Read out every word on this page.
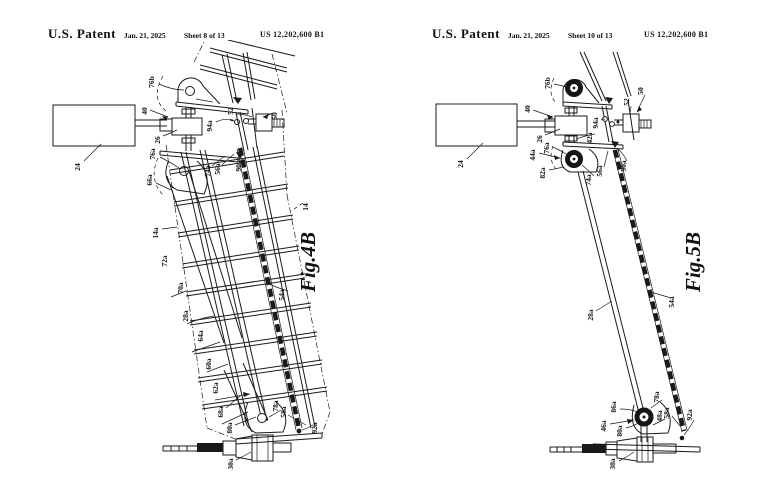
U.S. Patent Jan. 21, 2025 Sheet 8 of 13	US 12,202,600 B1
76b
40
26
24
94a
52
50
76a
66a
74a 56a 90a
14
14a
72a
70a
28a
64a
60a
62a
68a
54a
78a
58a
80a	92a
30a
Fig.4B
U.S. Patent Jan. 21, 2025 Sheet 10 of 13	US 12,202,600 B1
76b
40
26
24
94a
52
50
42a
76a
44a
82a
74a
56a 90a
28a
54a
86a
46a 80a
78a
48a
58a 92a
30a
Fig.5B
